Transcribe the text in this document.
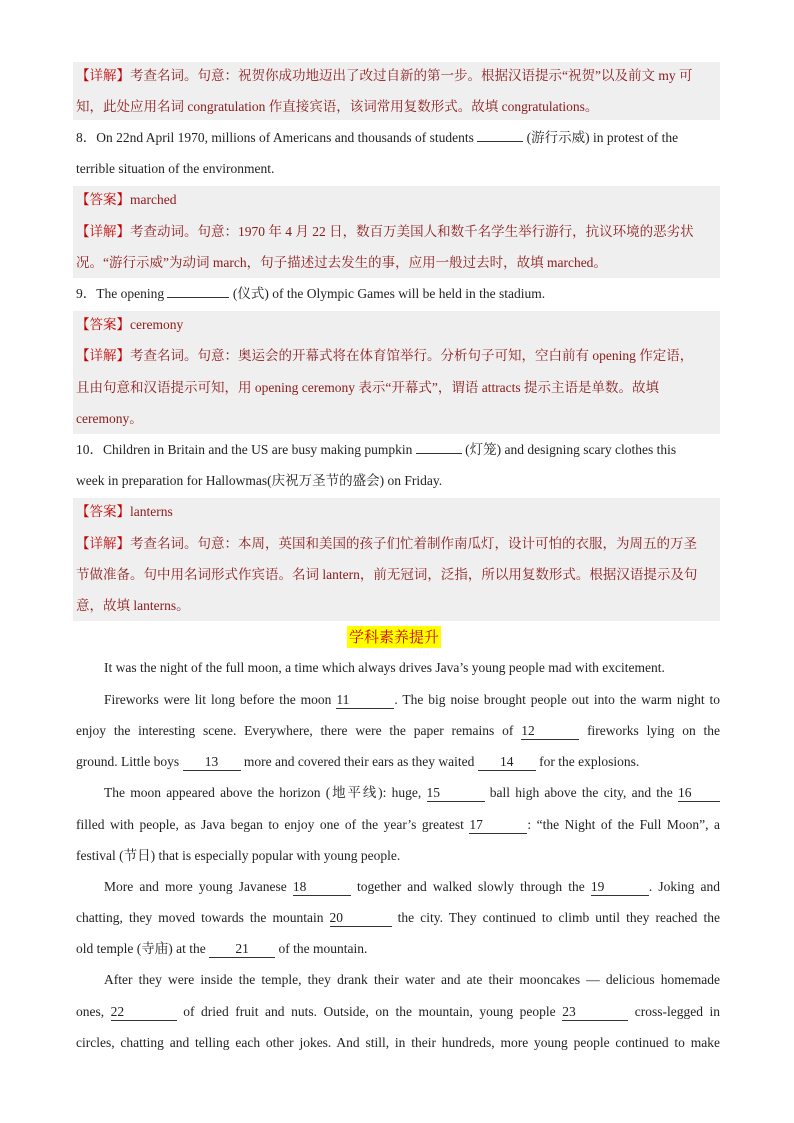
【详解】考查名词。句意：祝贺你成功地迈出了改过自新的第一步。根据汉语提示“祝贺”以及前文 my 可
知，此处应用名词 congratulation 作直接宾语，该词常用复数形式。故填 congratulations。
8．On 22nd April 1970, millions of Americans and thousands of students	(游行示威) in protest of the
terrible situation of the environment.
【答案】marched
【详解】考查动词。句意：1970 年 4 月 22 日，数百万美国人和数千名学生举行游行，抗议环境的恶劣状
况。“游行示威”为动词 march，句子描述过去发生的事，应用一般过去时，故填 marched。
9．The opening	(仪式) of the Olympic Games will be held in the stadium.
【答案】ceremony
【详解】考查名词。句意：奥运会的开幕式将在体育馆举行。分析句子可知，空白前有 opening 作定语，
且由句意和汉语提示可知，用 opening ceremony 表示“开幕式”，谓语 attracts 提示主语是单数。故填
ceremony。
10．Children in Britain and the US are busy making pumpkin	(灯笼) and designing scary clothes this
week in preparation for Hallowmas(庆祝万圣节的盛会) on Friday.
【答案】lanterns
【详解】考查名词。句意：本周，英国和美国的孩子们忙着制作南瓜灯，设计可怕的衣服，为周五的万圣
节做准备。句中用名词形式作宾语。名词 lantern，前无冠词，泛指，所以用复数形式。根据汉语提示及句
意，故填 lanterns。
学科素养提升
It was the night of the full moon, a time which always drives Java’s young people mad with excitement.
Fireworks were lit long before the moon 11	. The big noise brought people out into the warm night to
enjoy the interesting scene. Everywhere, there were the paper remains of 12	fireworks lying on the
ground. Little boys 13 more and covered their ears as they waited 14 for the explosions.
The moon appeared above the horizon (地平线): huge, 15	ball high above the city, and the 16
filled with people, as Java began to enjoy one of the year’s greatest 17	: “the Night of the Full Moon”, a
festival (节日) that is especially popular with young people.
More and more young Javanese 18	together and walked slowly through the 19	. Joking and
chatting, they moved towards the mountain 20	the city. They continued to climb until they reached the
old temple (寺庙) at the 21 of the mountain.
After they were inside the temple, they drank their water and ate their mooncakes — delicious homemade
ones, 22	of dried fruit and nuts. Outside, on the mountain, young people 23	cross-legged in
circles, chatting and telling each other jokes. And still, in their hundreds, more young people continued to make
